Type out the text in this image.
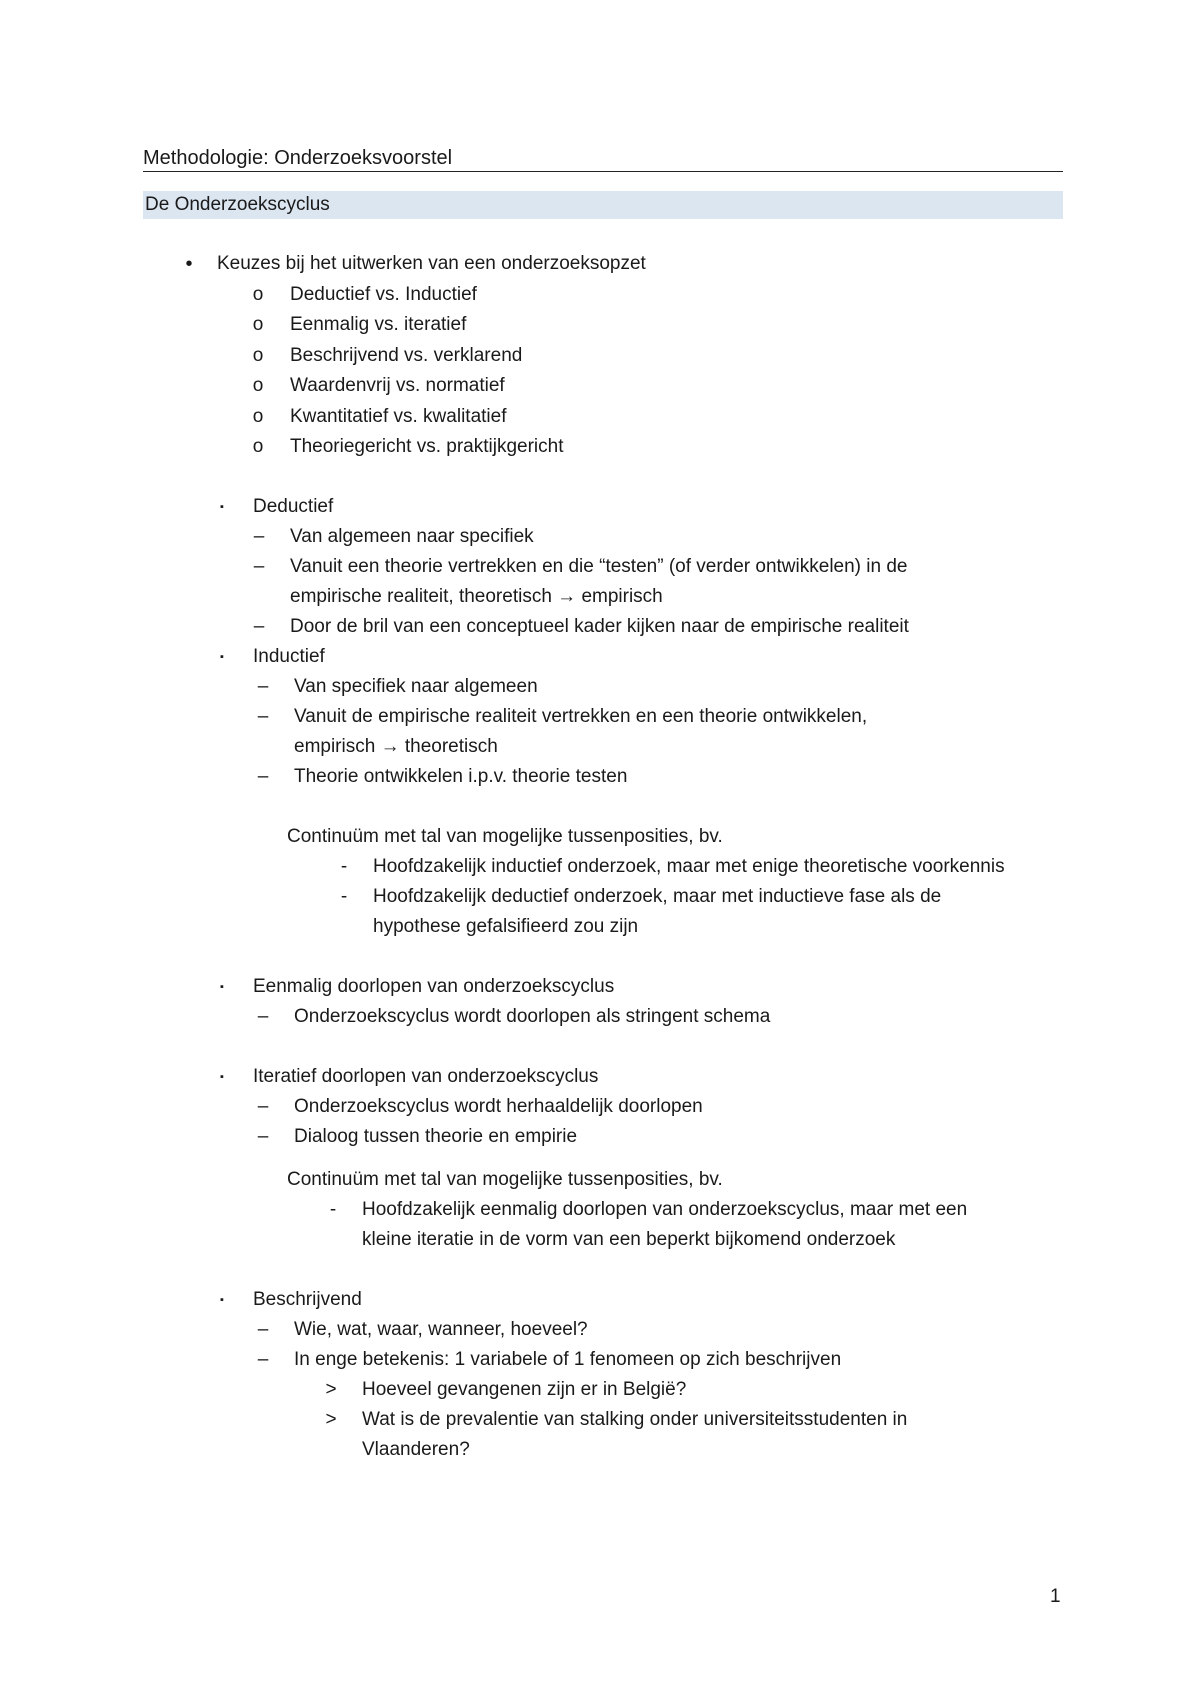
Methodologie: Onderzoeksvoorstel
De Onderzoekscyclus
• Keuzes bij het uitwerken van een onderzoeksopzet
o Deductief vs. Inductief
o Eenmalig vs. iteratief
o Beschrijvend vs. verklarend
o Waardenvrij vs. normatief
o Kwantitatief vs. kwalitatief
o Theoriegericht vs. praktijkgericht
▪ Deductief
– Van algemeen naar specifiek
– Vanuit een theorie vertrekken en die “testen” (of verder ontwikkelen) in de
empirische realiteit, theoretisch → empirisch
– Door de bril van een conceptueel kader kijken naar de empirische realiteit
▪ Inductief
– Van specifiek naar algemeen
– Vanuit de empirische realiteit vertrekken en een theorie ontwikkelen,
empirisch → theoretisch
– Theorie ontwikkelen i.p.v. theorie testen
Continuüm met tal van mogelijke tussenposities, bv.
- Hoofdzakelijk inductief onderzoek, maar met enige theoretische voorkennis
- Hoofdzakelijk deductief onderzoek, maar met inductieve fase als de
hypothese gefalsifieerd zou zijn
▪ Eenmalig doorlopen van onderzoekscyclus
– Onderzoekscyclus wordt doorlopen als stringent schema
▪ Iteratief doorlopen van onderzoekscyclus
– Onderzoekscyclus wordt herhaaldelijk doorlopen
– Dialoog tussen theorie en empirie
Continuüm met tal van mogelijke tussenposities, bv.
- Hoofdzakelijk eenmalig doorlopen van onderzoekscyclus, maar met een
kleine iteratie in de vorm van een beperkt bijkomend onderzoek
▪ Beschrijvend
– Wie, wat, waar, wanneer, hoeveel?
– In enge betekenis: 1 variabele of 1 fenomeen op zich beschrijven
> Hoeveel gevangenen zijn er in België?
> Wat is de prevalentie van stalking onder universiteitsstudenten in
Vlaanderen?
1
